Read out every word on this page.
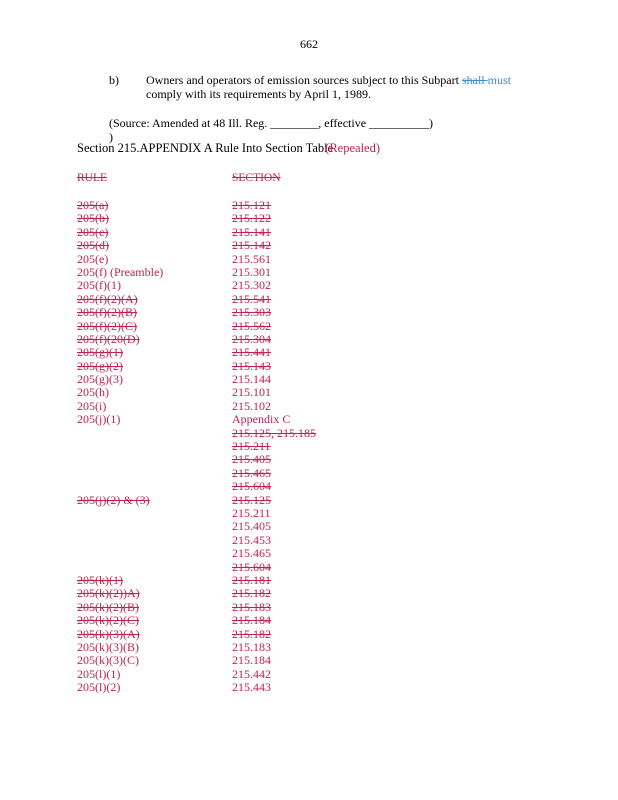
662
b) Owners and operators of emission sources subject to this Subpart shall must
comply with its requirements by April 1, 1989.
(Source: Amended at 48 Ill. Reg. ________, effective __________)
)
Section 215.APPENDIX A Rule Into Section Table(Repealed)
RULE	SECTION
205(a)
205(b)
205(c)
205(d)
205(e)
205(f) (Preamble)
205(f)(1)
205(f)(2)(A)
205(f)(2)(B)
205(f)(2)(C)
205(f)(20(D)
205(g)(1)
205(g)(2)
205(g)(3)
205(h)
205(i)
205(j)(1)
205(j)(2) & (3)
205(k)(1)
205(k)(2))A)
205(k)(2)(B)
205(k)(2)(C)
205(k)(3)(A)
205(k)(3)(B)
205(k)(3)(C)
205(l)(1)
205(l)(2)
215.121
215.122
215.141
215.142
215.561
215.301
215.302
215.541
215.303
215.562
215.304
215.441
215.143
215.144
215.101
215.102
Appendix C
215.125, 215.185
215.211
215.405
215.465
215.604
215.125
215.211
215.405
215.453
215.465
215.604
215.181
215.182
215.183
215.184
215.182
215.183
215.184
215.442
215.443
